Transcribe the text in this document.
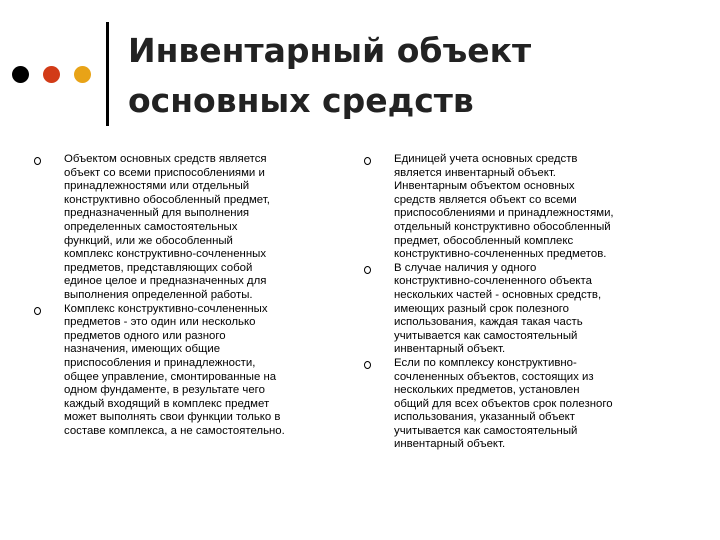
Инвентарный объект
основных средств
Объектом основных средств является
объект со всеми приспособлениями и
принадлежностями или отдельный
конструктивно обособленный предмет,
предназначенный для выполнения
определенных самостоятельных
функций, или же обособленный
комплекс конструктивно-сочлененных
предметов, представляющих собой
единое целое и предназначенных для
выполнения определенной работы.
Комплекс конструктивно-сочлененных
предметов - это один или несколько
предметов одного или разного
назначения, имеющих общие
приспособления и принадлежности,
общее управление, смонтированные на
одном фундаменте, в результате чего
каждый входящий в комплекс предмет
может выполнять свои функции только в
составе комплекса, а не самостоятельно.
Единицей учета основных средств
является инвентарный объект.
Инвентарным объектом основных
средств является объект со всеми
приспособлениями и принадлежностями,
отдельный конструктивно обособленный
предмет, обособленный комплекс
конструктивно-сочлененных предметов.
В случае наличия у одного
конструктивно-сочлененного объекта
нескольких частей - основных средств,
имеющих разный срок полезного
использования, каждая такая часть
учитывается как самостоятельный
инвентарный объект.
Если по комплексу конструктивно-
сочлененных объектов, состоящих из
нескольких предметов, установлен
общий для всех объектов срок полезного
использования, указанный объект
учитывается как самостоятельный
инвентарный объект.
